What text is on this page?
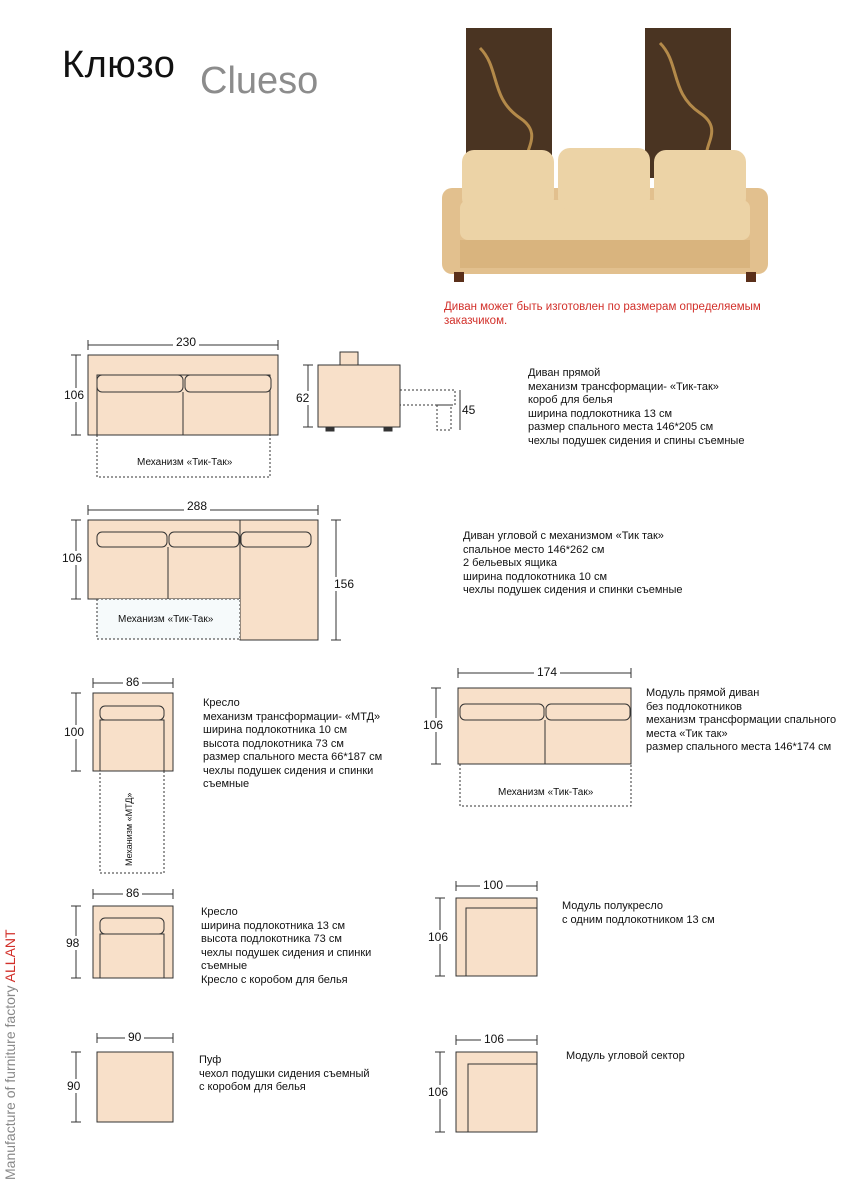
Клюзо Clueso
Диван может быть изготовлен по размерам определяемым заказчиком.
Manufacture of furniture factory ALLANT
230
106	62
45
Механизм «Тик-Так»
Диван прямой
механизм трансформации- «Тик-так»
короб для белья
ширина подлокотника 13 см
размер спального места 146*205 см
чехлы подушек сидения и спины съемные
288
106
156
Механизм «Тик-Так»
Диван угловой с механизмом «Тик так»
спальное место 146*262 см
2 бельевых ящика
ширина подлокотника 10 см
чехлы подушек сидения и спинки съемные
86
100
Механизм «МТД»
Кресло
механизм трансформации- «МТД»
ширина подлокотника 10 см
высота подлокотника 73 см
размер спального места 66*187 см
чехлы подушек сидения и спинки
съемные
174
106
Механизм «Тик-Так»
Модуль прямой диван
без подлокотников
механизм трансформации спального
места «Тик так»
размер спального места 146*174 см
86
98
Кресло
ширина подлокотника 13 см
высота подлокотника 73 см
чехлы подушек сидения и спинки
съемные
Кресло с коробом для белья
100
106
Модуль полукресло
с одним подлокотником 13 см
90
90
Пуф
чехол подушки сидения съемный
с коробом для белья
106
106
Модуль угловой сектор
